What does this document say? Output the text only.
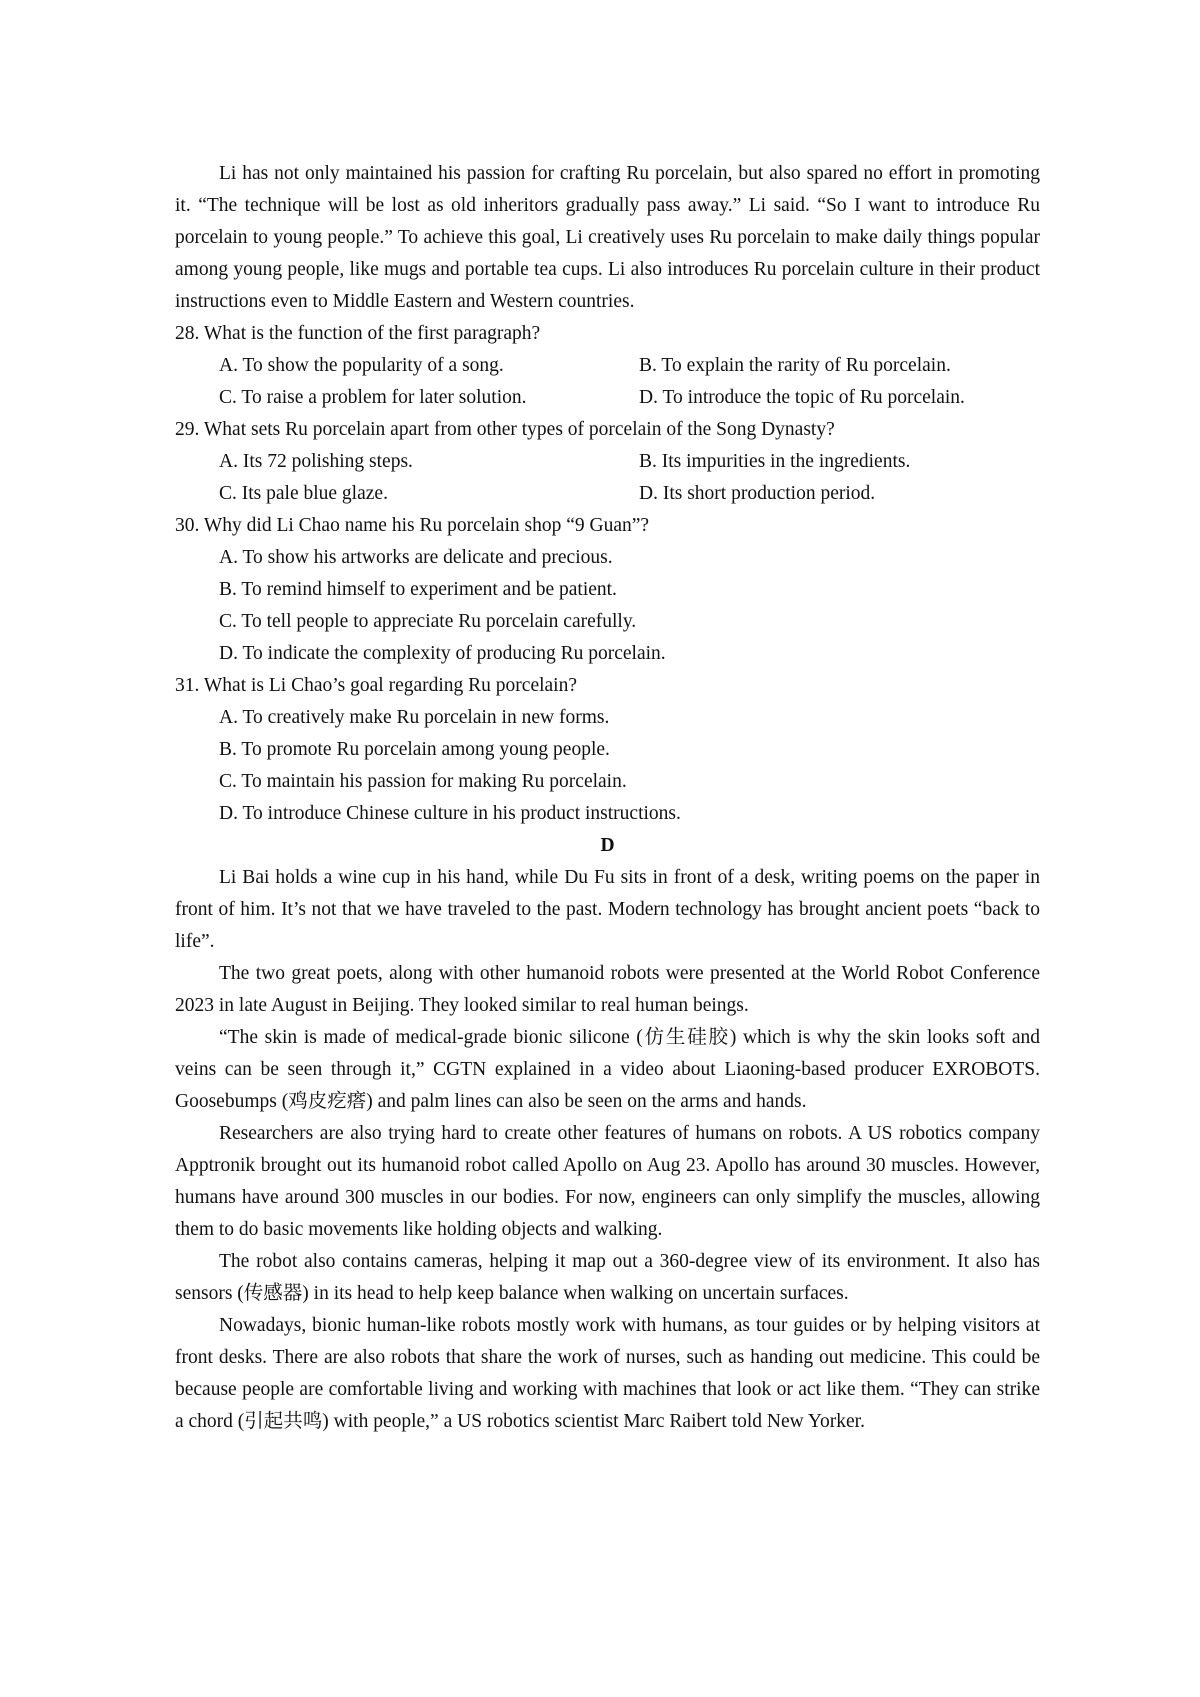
Li has not only maintained his passion for crafting Ru porcelain, but also spared no effort in promoting it. “The technique will be lost as old inheritors gradually pass away.” Li said. “So I want to introduce Ru porcelain to young people.” To achieve this goal, Li creatively uses Ru porcelain to make daily things popular among young people, like mugs and portable tea cups. Li also introduces Ru porcelain culture in their product instructions even to Middle Eastern and Western countries.

28. What is the function of the first paragraph?

A. To show the popularity of a song.	B. To explain the rarity of Ru porcelain.
C. To raise a problem for later solution.	D. To introduce the topic of Ru porcelain.

29. What sets Ru porcelain apart from other types of porcelain of the Song Dynasty?

A. Its 72 polishing steps.	B. Its impurities in the ingredients.
C. Its pale blue glaze.	D. Its short production period.

30. Why did Li Chao name his Ru porcelain shop “9 Guan”?

A. To show his artworks are delicate and precious.

B. To remind himself to experiment and be patient.

C. To tell people to appreciate Ru porcelain carefully.

D. To indicate the complexity of producing Ru porcelain.

31. What is Li Chao’s goal regarding Ru porcelain?

A. To creatively make Ru porcelain in new forms.

B. To promote Ru porcelain among young people.

C. To maintain his passion for making Ru porcelain.

D. To introduce Chinese culture in his product instructions.

D

Li Bai holds a wine cup in his hand, while Du Fu sits in front of a desk, writing poems on the paper in front of him. It’s not that we have traveled to the past. Modern technology has brought ancient poets “back to life”.

The two great poets, along with other humanoid robots were presented at the World Robot Conference 2023 in late August in Beijing. They looked similar to real human beings.

“The skin is made of medical-grade bionic silicone (仿生硅胶) which is why the skin looks soft and veins can be seen through it,” CGTN explained in a video about Liaoning-based producer EXROBOTS. Goosebumps (鸡皮疙瘩) and palm lines can also be seen on the arms and hands.

Researchers are also trying hard to create other features of humans on robots. A US robotics company Apptronik brought out its humanoid robot called Apollo on Aug 23. Apollo has around 30 muscles. However, humans have around 300 muscles in our bodies. For now, engineers can only simplify the muscles, allowing them to do basic movements like holding objects and walking.

The robot also contains cameras, helping it map out a 360-degree view of its environment. It also has sensors (传感器) in its head to help keep balance when walking on uncertain surfaces.

Nowadays, bionic human-like robots mostly work with humans, as tour guides or by helping visitors at front desks. There are also robots that share the work of nurses, such as handing out medicine. This could be because people are comfortable living and working with machines that look or act like them. “They can strike a chord (引起共鸣) with people,” a US robotics scientist Marc Raibert told New Yorker.
